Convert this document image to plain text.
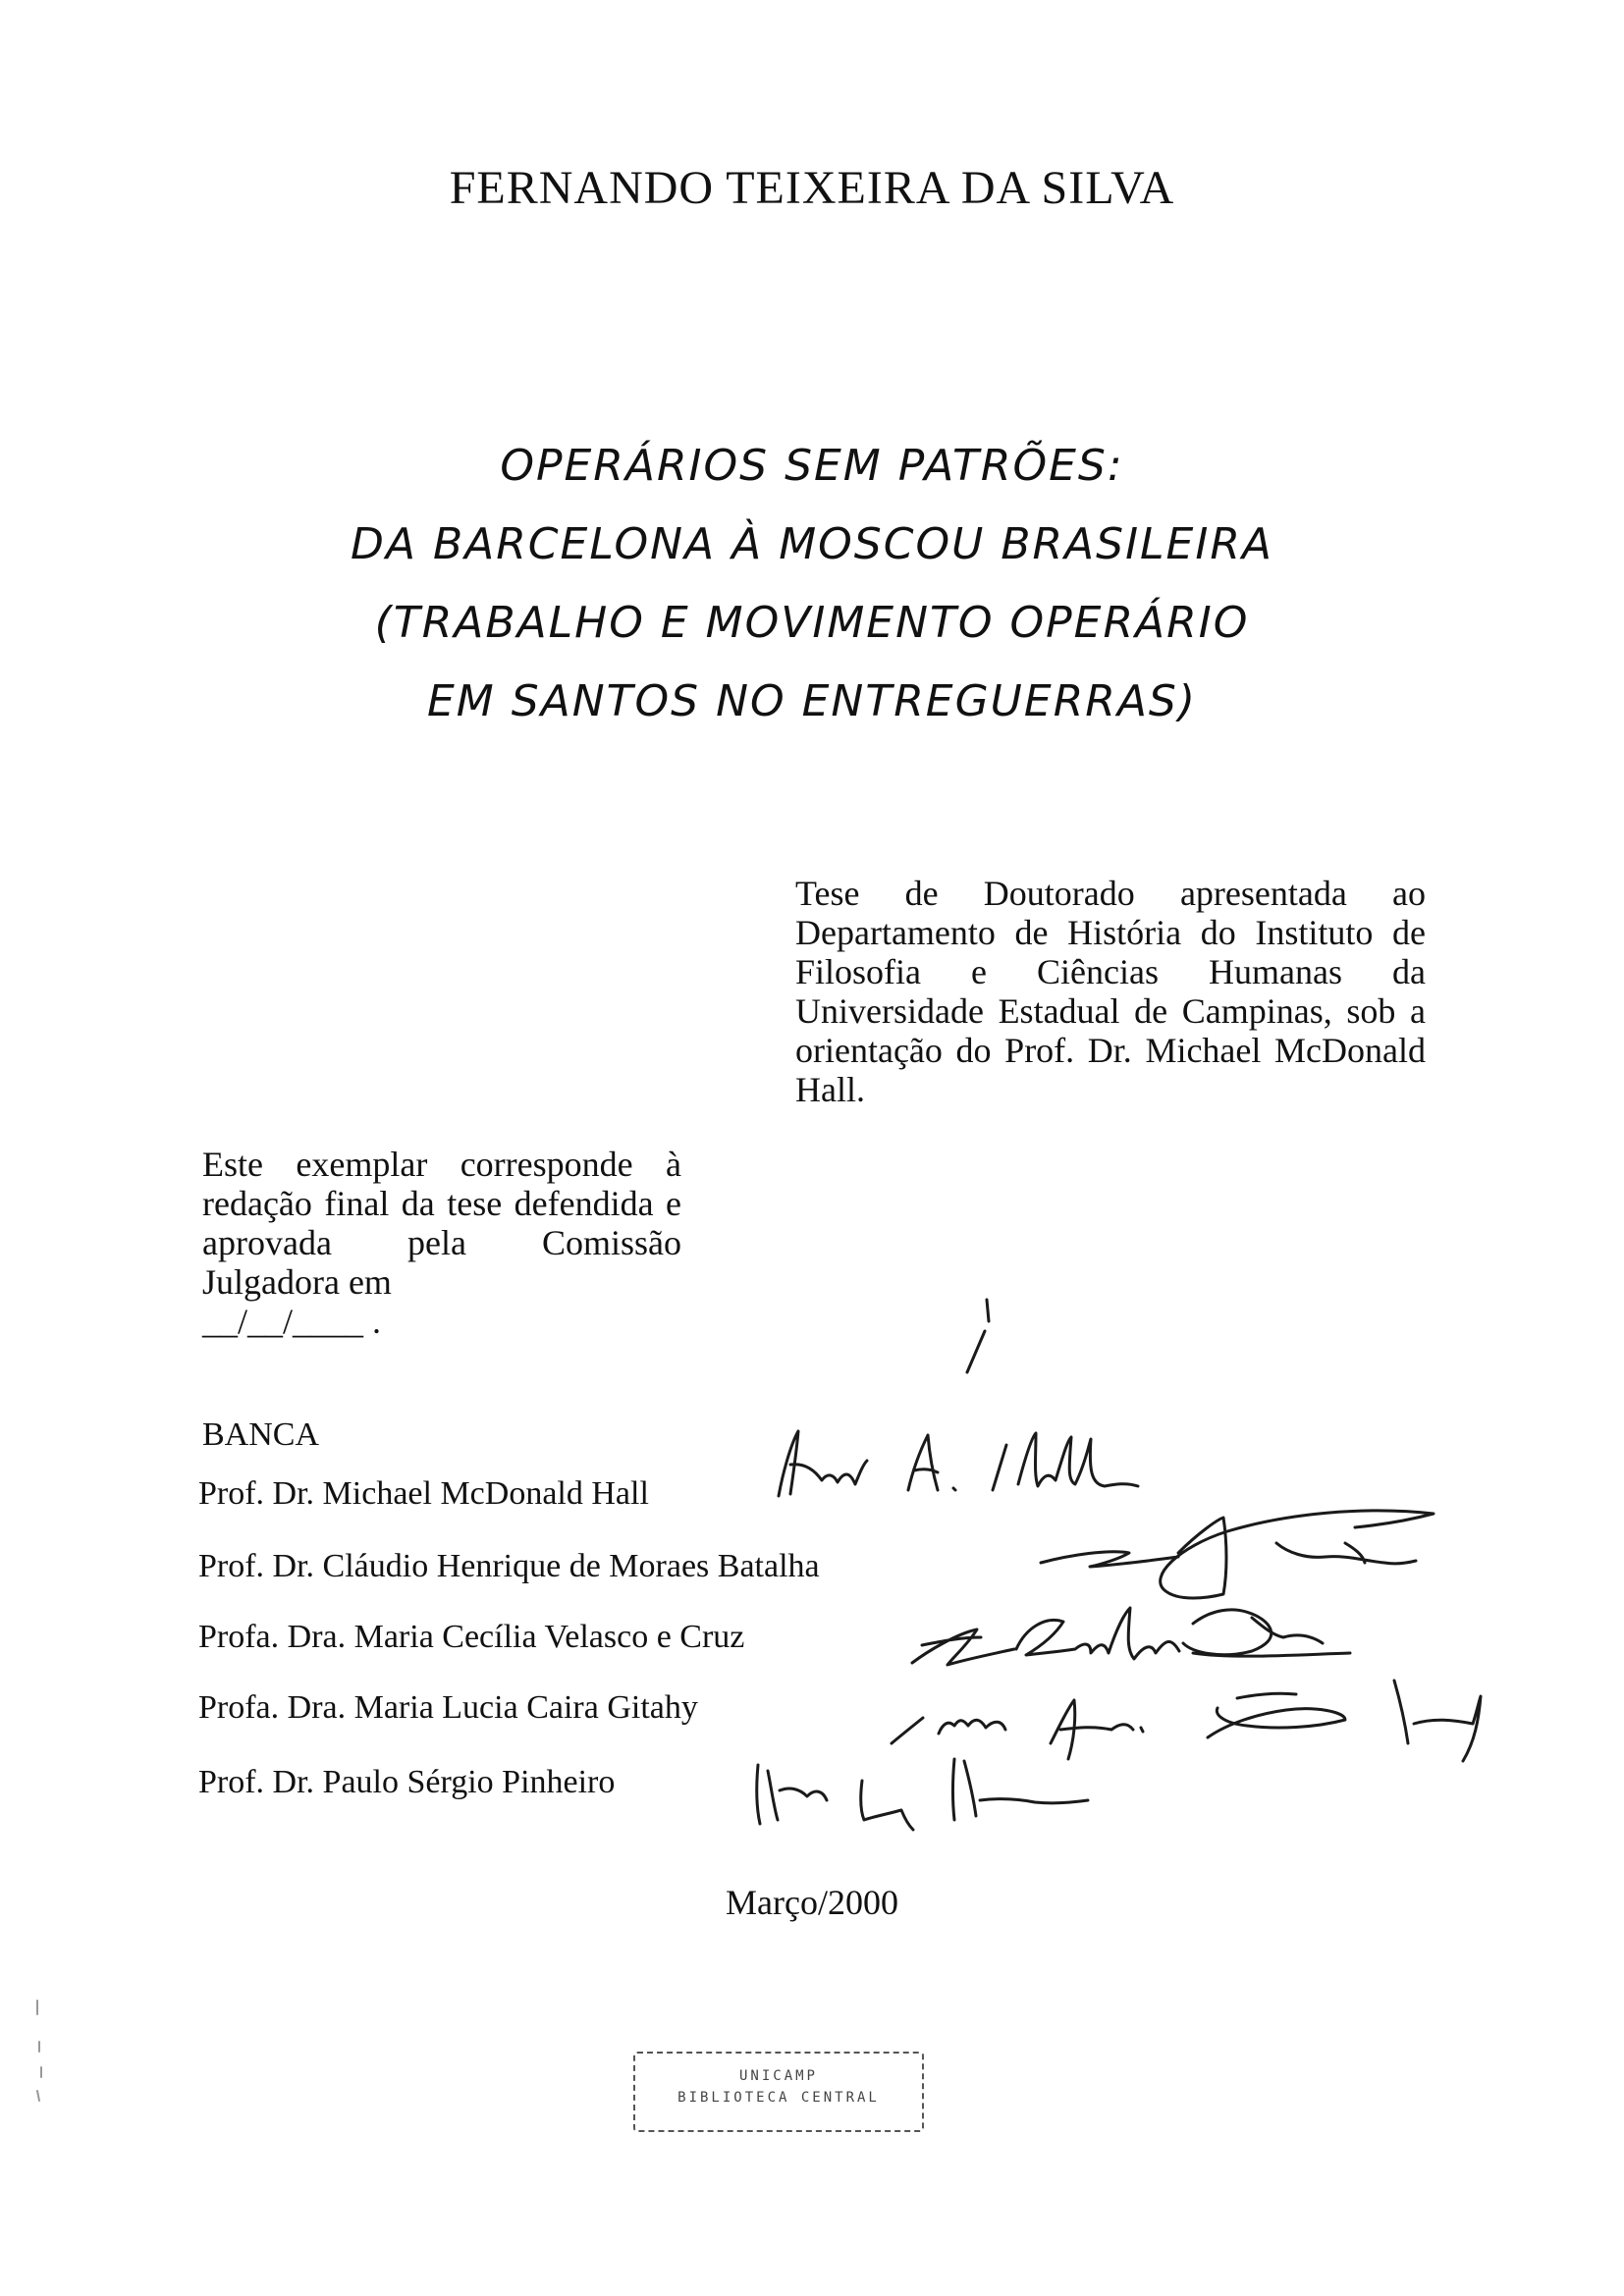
FERNANDO TEIXEIRA DA SILVA
OPERÁRIOS SEM PATRÕES:
DA BARCELONA À MOSCOU BRASILEIRA
(TRABALHO E MOVIMENTO OPERÁRIO
EM SANTOS NO ENTREGUERRAS)
Tese de Doutorado apresentada ao Departamento de História do Instituto de Filosofia e Ciências Humanas da Universidade Estadual de Campinas, sob a orientação do Prof. Dr. Michael McDonald Hall.
Este exemplar corresponde à redação final da tese defendida e aprovada pela Comissão Julgadora em
__/__/____ .
BANCA
Prof. Dr. Michael McDonald Hall
Prof. Dr. Cláudio Henrique de Moraes Batalha
Profa. Dra. Maria Cecília Velasco e Cruz
Profa. Dra. Maria Lucia Caira Gitahy
Prof. Dr. Paulo Sérgio Pinheiro
Março/2000
UNICAMP
BIBLIOTECA CENTRAL
